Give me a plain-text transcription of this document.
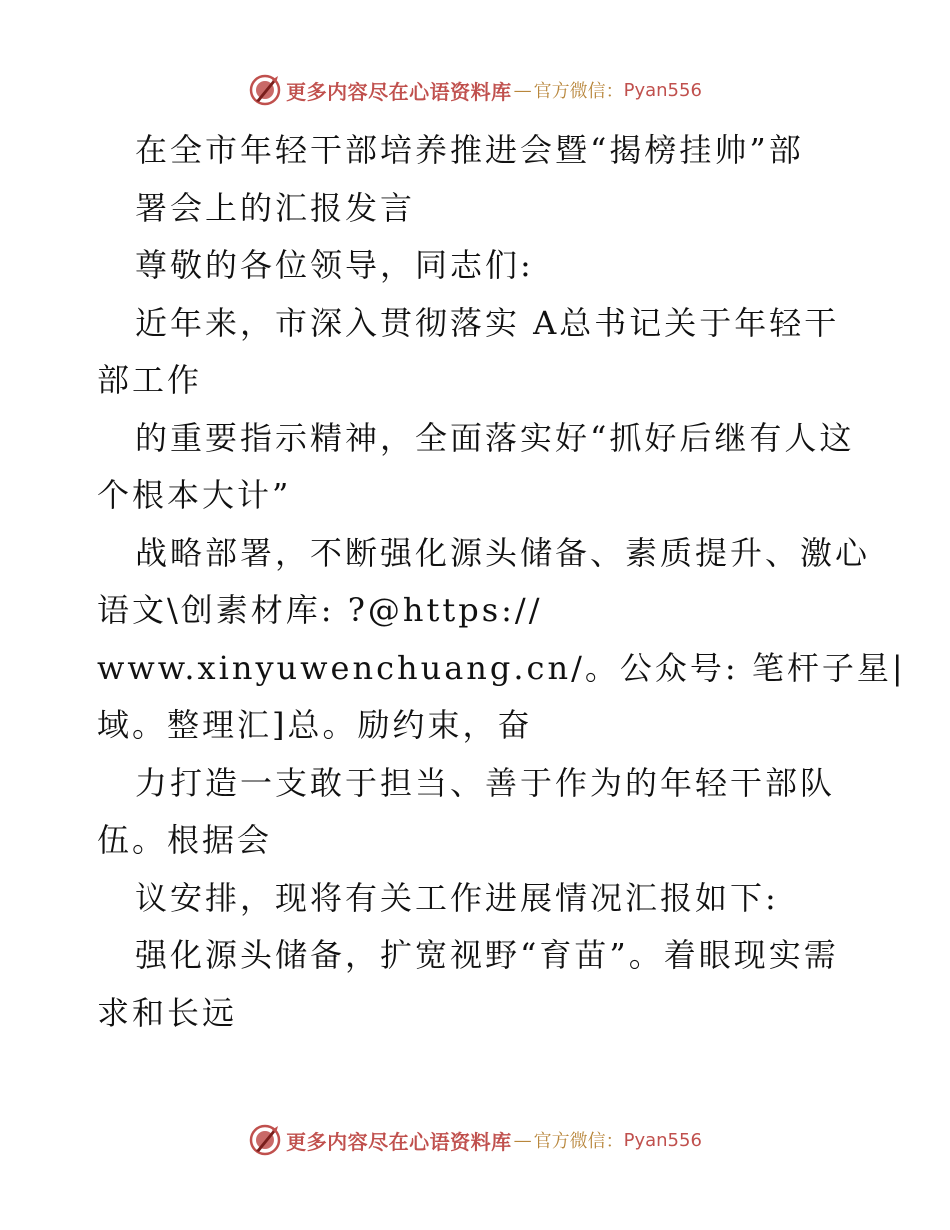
更多内容尽在心语资料库 — 官方微信： Pyan556
在全市年轻干部培养推进会暨“揭榜挂帅”部
署会上的汇报发言
尊敬的各位领导，同志们:
近年来，市深入贯彻落实 A总书记关于年轻干
部工作
的重要指示精神，全面落实好“抓好后继有人这
个根本大计”
战略部署，不断强化源头储备、素质提升、激心
语文\创素材库: ?@https://
www.xinyuwenchuang.cn/。公众号: 笔杆子星|
域。整理汇]总。励约束，奋
力打造一支敢于担当、善于作为的年轻干部队
伍。根据会
议安排，现将有关工作进展情况汇报如下:
强化源头储备，扩宽视野“育苗”。着眼现实需
求和长远
更多内容尽在心语资料库 — 官方微信： Pyan556
